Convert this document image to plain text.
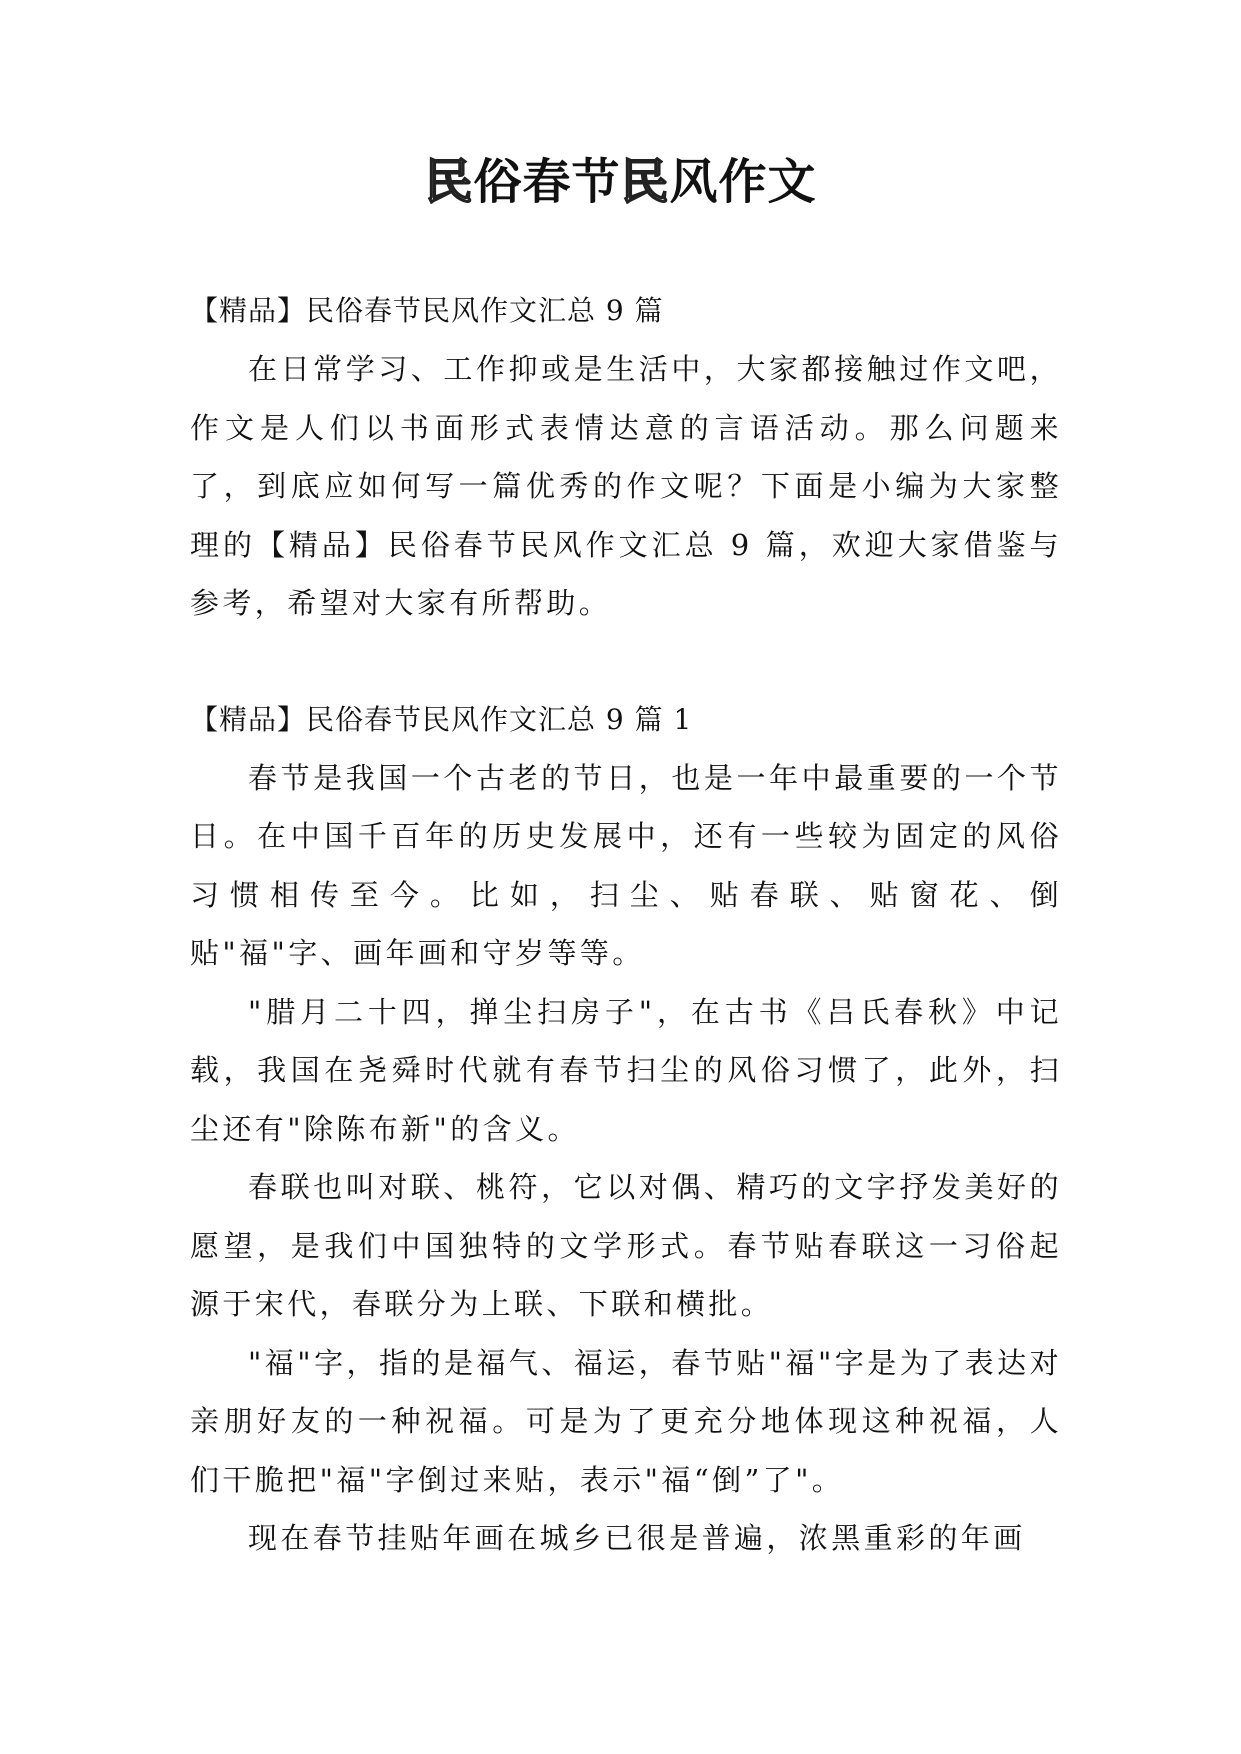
民俗春节民风作文

【精品】民俗春节民风作文汇总 9 篇

在日常学习、工作抑或是生活中，大家都接触过作文吧，作文是人们以书面形式表情达意的言语活动。那么问题来了，到底应如何写一篇优秀的作文呢？下面是小编为大家整理的【精品】民俗春节民风作文汇总 9 篇，欢迎大家借鉴与参考，希望对大家有所帮助。

【精品】民俗春节民风作文汇总 9 篇 1

春节是我国一个古老的节日，也是一年中最重要的一个节日。在中国千百年的历史发展中，还有一些较为固定的风俗习惯相传至今。比如，扫尘、贴春联、贴窗花、倒贴"福"字、画年画和守岁等等。

"腊月二十四，掸尘扫房子"，在古书《吕氏春秋》中记载，我国在尧舜时代就有春节扫尘的风俗习惯了，此外，扫尘还有"除陈布新"的含义。

春联也叫对联、桃符，它以对偶、精巧的文字抒发美好的愿望，是我们中国独特的文学形式。春节贴春联这一习俗起源于宋代，春联分为上联、下联和横批。

"福"字，指的是福气、福运，春节贴"福"字是为了表达对亲朋好友的一种祝福。可是为了更充分地体现这种祝福，人们干脆把"福"字倒过来贴，表示"福“倒”了"。

现在春节挂贴年画在城乡已很是普遍，浓黑重彩的年画
